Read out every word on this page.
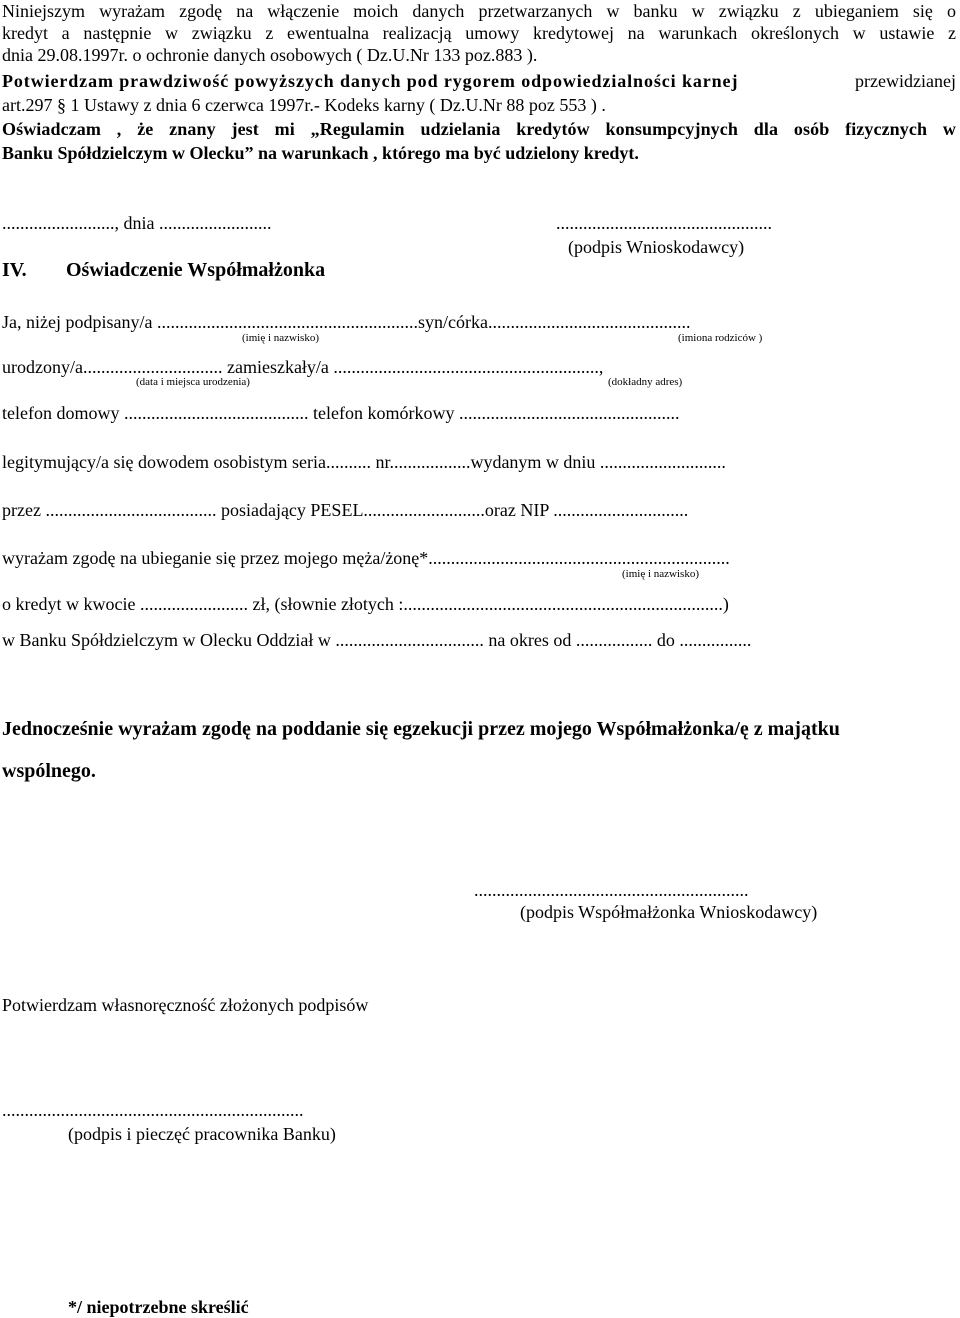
Niniejszym wyrażam zgodę na włączenie moich danych przetwarzanych w banku w związku z ubieganiem się o
kredyt a następnie w związku z ewentualna realizacją umowy kredytowej na warunkach określonych w ustawie z
dnia 29.08.1997r. o ochronie danych osobowych ( Dz.U.Nr 133 poz.883 ).
Potwierdzam prawdziwość powyższych danych pod rygorem odpowiedzialności karnej	przewidzianej
art.297 § 1 Ustawy z dnia 6 czerwca 1997r.- Kodeks karny ( Dz.U.Nr 88 poz 553 ) .
Oświadczam , że znany jest mi „Regulamin udzielania kredytów konsumpcyjnych dla osób fizycznych w
Banku Spółdzielczym w Olecku” na warunkach , którego ma być udzielony kredyt.
........................., dnia .........................	................................................
(podpis Wnioskodawcy)
IV. Oświadczenie Współmałżonka
Ja, niżej podpisany/a ..........................................................syn/córka.............................................
(imię i nazwisko)	(imiona rodziców )
urodzony/a............................... zamieszkały/a ...........................................................,
(data i miejsca urodzenia)	(dokładny adres)
telefon domowy ......................................... telefon komórkowy .................................................
legitymujący/a się dowodem osobistym seria.......... nr..................wydanym w dniu ............................
przez ...................................... posiadający PESEL...........................oraz NIP ..............................
wyrażam zgodę na ubieganie się przez mojego męża/żonę*...................................................................
(imię i nazwisko)
o kredyt w kwocie ........................ zł, (słownie złotych :.......................................................................)
w Banku Spółdzielczym w Olecku Oddział w ................................. na okres od ................. do ................
Jednocześnie wyrażam zgodę na poddanie się egzekucji przez mojego Współmałżonka/ę z majątku
wspólnego.
.............................................................
(podpis Współmałżonka Wnioskodawcy)
Potwierdzam własnoręczność złożonych podpisów
...................................................................
(podpis i pieczęć pracownika Banku)
*/ niepotrzebne skreślić
